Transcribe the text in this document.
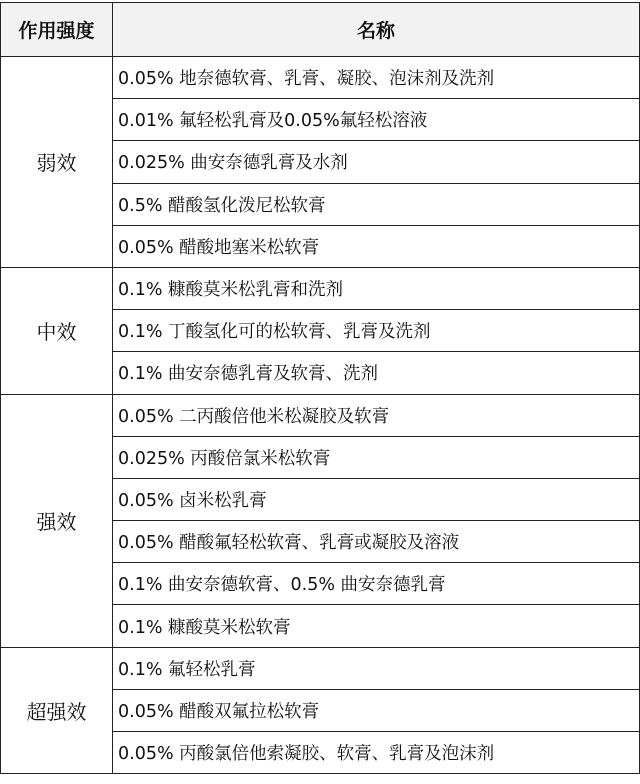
作用强度	名称
弱效	0.05% 地奈德软膏、乳膏、凝胶、泡沫剂及洗剂
	0.01% 氟轻松乳膏及0.05%氟轻松溶液
	0.025% 曲安奈德乳膏及水剂
	0.5% 醋酸氢化泼尼松软膏
	0.05% 醋酸地塞米松软膏
中效	0.1% 糠酸莫米松乳膏和洗剂
	0.1% 丁酸氢化可的松软膏、乳膏及洗剂
	0.1% 曲安奈德乳膏及软膏、洗剂
强效	0.05% 二丙酸倍他米松凝胶及软膏
	0.025% 丙酸倍氯米松软膏
	0.05% 卤米松乳膏
	0.05% 醋酸氟轻松软膏、乳膏或凝胶及溶液
	0.1% 曲安奈德软膏、0.5% 曲安奈德乳膏
	0.1% 糠酸莫米松软膏
超强效	0.1% 氟轻松乳膏
	0.05% 醋酸双氟拉松软膏
	0.05% 丙酸氯倍他索凝胶、软膏、乳膏及泡沫剂
